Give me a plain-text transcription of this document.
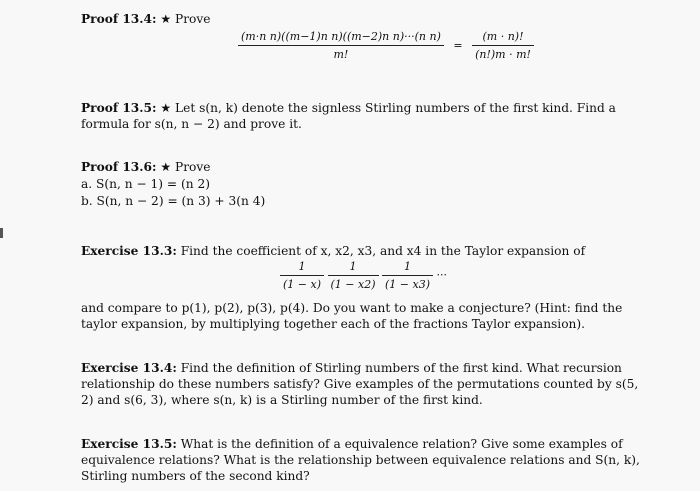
Proof 13.4: ★ Prove
$\frac{\text{(m·n n)((m−1)n n)((m−2)n n)···(n n)}}{m!} = \frac{(m \cdot n)!}{(n!)m \cdot m!}$
Proof 13.5: ★ Let s(n, k) denote the signless Stirling numbers of the first kind. Find a formula for s(n, n − 2) and prove it.
Proof 13.6: ★ Prove
a. S(n, n − 1) = (n 2)
b. S(n, n − 2) = (n 3) + 3(n 4)
Exercise 13.3: Find the coefficient of x, x2, x3, and x4 in the Taylor expansion of
$\frac{1}{(1 - x)}$
$\frac{1}{(1 - x2)}$
$\frac{1}{(1 - x3)}$ ···
and compare to p(1), p(2), p(3), p(4). Do you want to make a conjecture? (Hint: find the taylor expansion, by multiplying together each of the fractions Taylor expansion).
Exercise 13.4: Find the definition of Stirling numbers of the first kind. What recursion relationship do these numbers satisfy? Give examples of the permutations counted by s(5, 2) and s(6, 3), where s(n, k) is a Stirling number of the first kind.
Exercise 13.5: What is the definition of a equivalence relation? Give some examples of equivalence relations? What is the relationship between equivalence relations and S(n, k), Stirling numbers of the second kind?
